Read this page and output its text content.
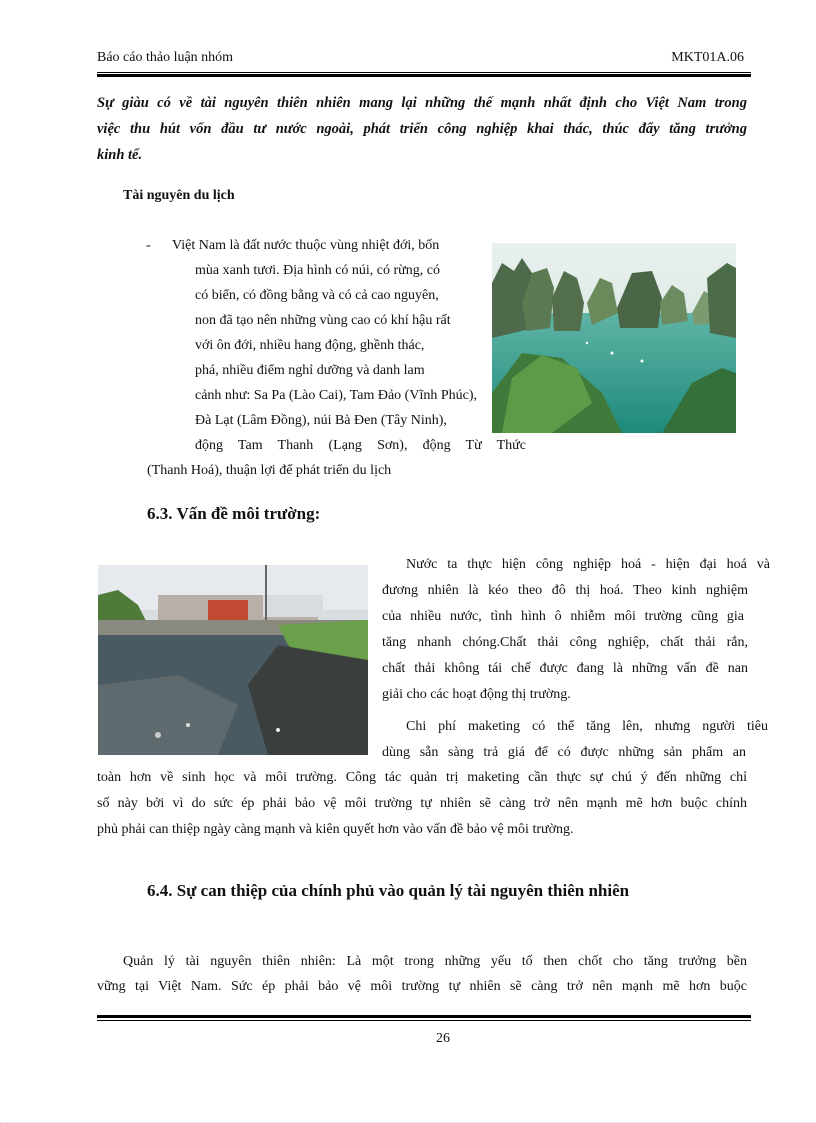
Báo cáo thảo luận nhóm	MKT01A.06
Sự giàu có về tài nguyên thiên nhiên mang lại những thế mạnh nhất định cho Việt Nam trong
việc thu hút vốn đầu tư nước ngoài, phát triển công nghiệp khai thác, thúc đẩy tăng trưởng
kinh tế.
Tài nguyên du lịch
- Việt Nam là đất nước thuộc vùng nhiệt đới, bốn
mùa xanh tươi. Địa hình có núi, có rừng, có
có biển, có đồng bằng và có cả cao nguyên,
non đã tạo nên những vùng cao có khí hậu rất
với ôn đới, nhiều hang động, ghềnh thác,
phá, nhiều điểm nghỉ dưỡng và danh lam
cảnh như: Sa Pa (Lào Cai), Tam Đảo (Vĩnh Phúc),
Đà Lạt (Lâm Đồng), núi Bà Đen (Tây Ninh),
động Tam Thanh (Lạng Sơn), động Từ Thức
(Thanh Hoá), thuận lợi để phát triển du lịch
6.3. Vấn đề môi trường:
Nước ta thực hiện công nghiệp hoá - hiện đại hoá và
đương nhiên là kéo theo đô thị hoá. Theo kinh nghiệm
của nhiều nước, tình hình ô nhiễm môi trường cũng gia
tăng nhanh chóng.Chất thải công nghiệp, chất thải rắn,
chất thải không tái chế được đang là những vấn đề nan
giải cho các hoạt động thị trường.
Chi phí maketing có thể tăng lên, nhưng người tiêu
dùng sẵn sàng trả giá để có được những sản phẩm an
toàn hơn về sinh học và môi trường. Công tác quản trị maketing cần thực sự chú ý đến những chỉ
số này bởi vì do sức ép phải bảo vệ môi trường tự nhiên sẽ càng trở nên mạnh mẽ hơn buộc chính
phủ phải can thiệp ngày càng mạnh và kiên quyết hơn vào vấn đề bảo vệ môi trường.
6.4. Sự can thiệp của chính phủ vào quản lý tài nguyên thiên nhiên
Quản lý tài nguyên thiên nhiên: Là một trong những yếu tố then chốt cho tăng trưởng bền
vững tại Việt Nam. Sức ép phải bảo vệ môi trường tự nhiên sẽ càng trở nên mạnh mẽ hơn buộc
26
